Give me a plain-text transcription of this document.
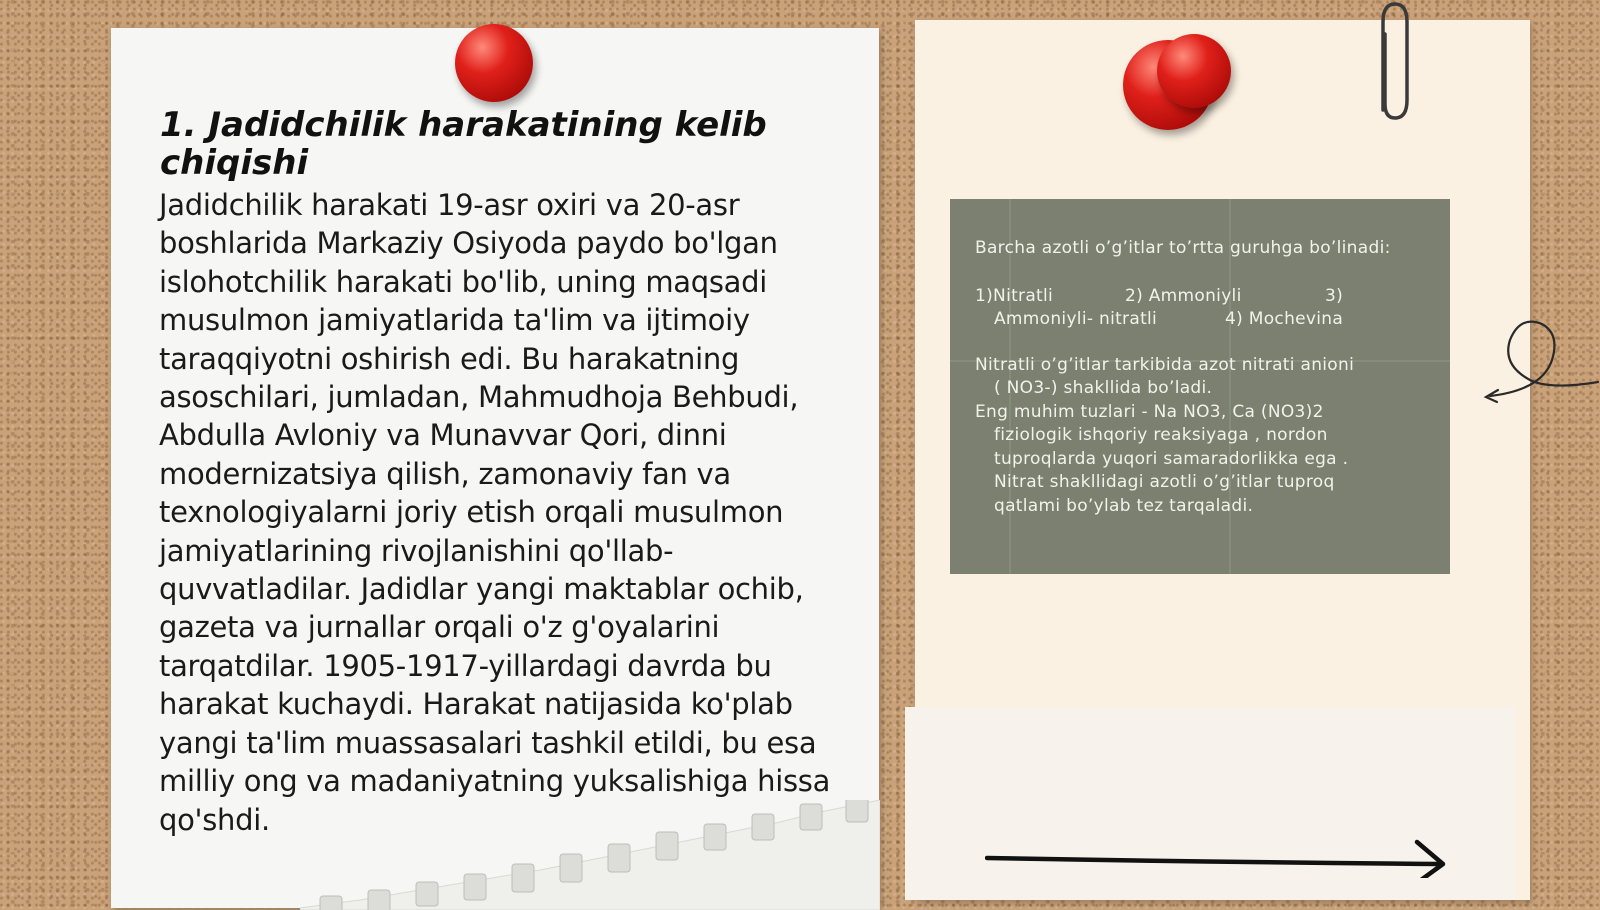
1. Jadidchilik harakatining kelib chiqishi

Jadidchilik harakati 19-asr oxiri va 20-asr boshlarida Markaziy Osiyoda paydo bo'lgan islohotchilik harakati bo'lib, uning maqsadi musulmon jamiyatlarida ta'lim va ijtimoiy taraqqiyotni oshirish edi. Bu harakatning asoschilari, jumladan, Mahmudhoja Behbudi, Abdulla Avloniy va Munavvar Qori, dinni modernizatsiya qilish, zamonaviy fan va texnologiyalarni joriy etish orqali musulmon jamiyatlarining rivojlanishini qo'llab-quvvatladilar. Jadidlar yangi maktablar ochib, gazeta va jurnallar orqali o'z g'oyalarini tarqatdilar. 1905-1917-yillardagi davrda bu harakat kuchaydi. Harakat natijasida ko'plab yangi ta'lim muassasalari tashkil etildi, bu esa milliy ong va madaniyatning yuksalishiga hissa qo'shdi.

Barcha azotli o’g’itlar to’rtta guruhga bo’linadi:

1)Nitratli	2) Ammoniyli	3)
Ammoniyli- nitratli	4) Mochevina

Nitratli o’g’itlar tarkibida azot nitrati anioni

( NO3-) shakllida bo’ladi.

Eng muhim tuzlari - Na NO3, Ca (NO3)2

fiziologik ishqoriy reaksiyaga , nordon

tuproqlarda yuqori samaradorlikka ega .

Nitrat shakllidagi azotli o’g’itlar tuproq

qatlami bo’ylab tez tarqaladi.
